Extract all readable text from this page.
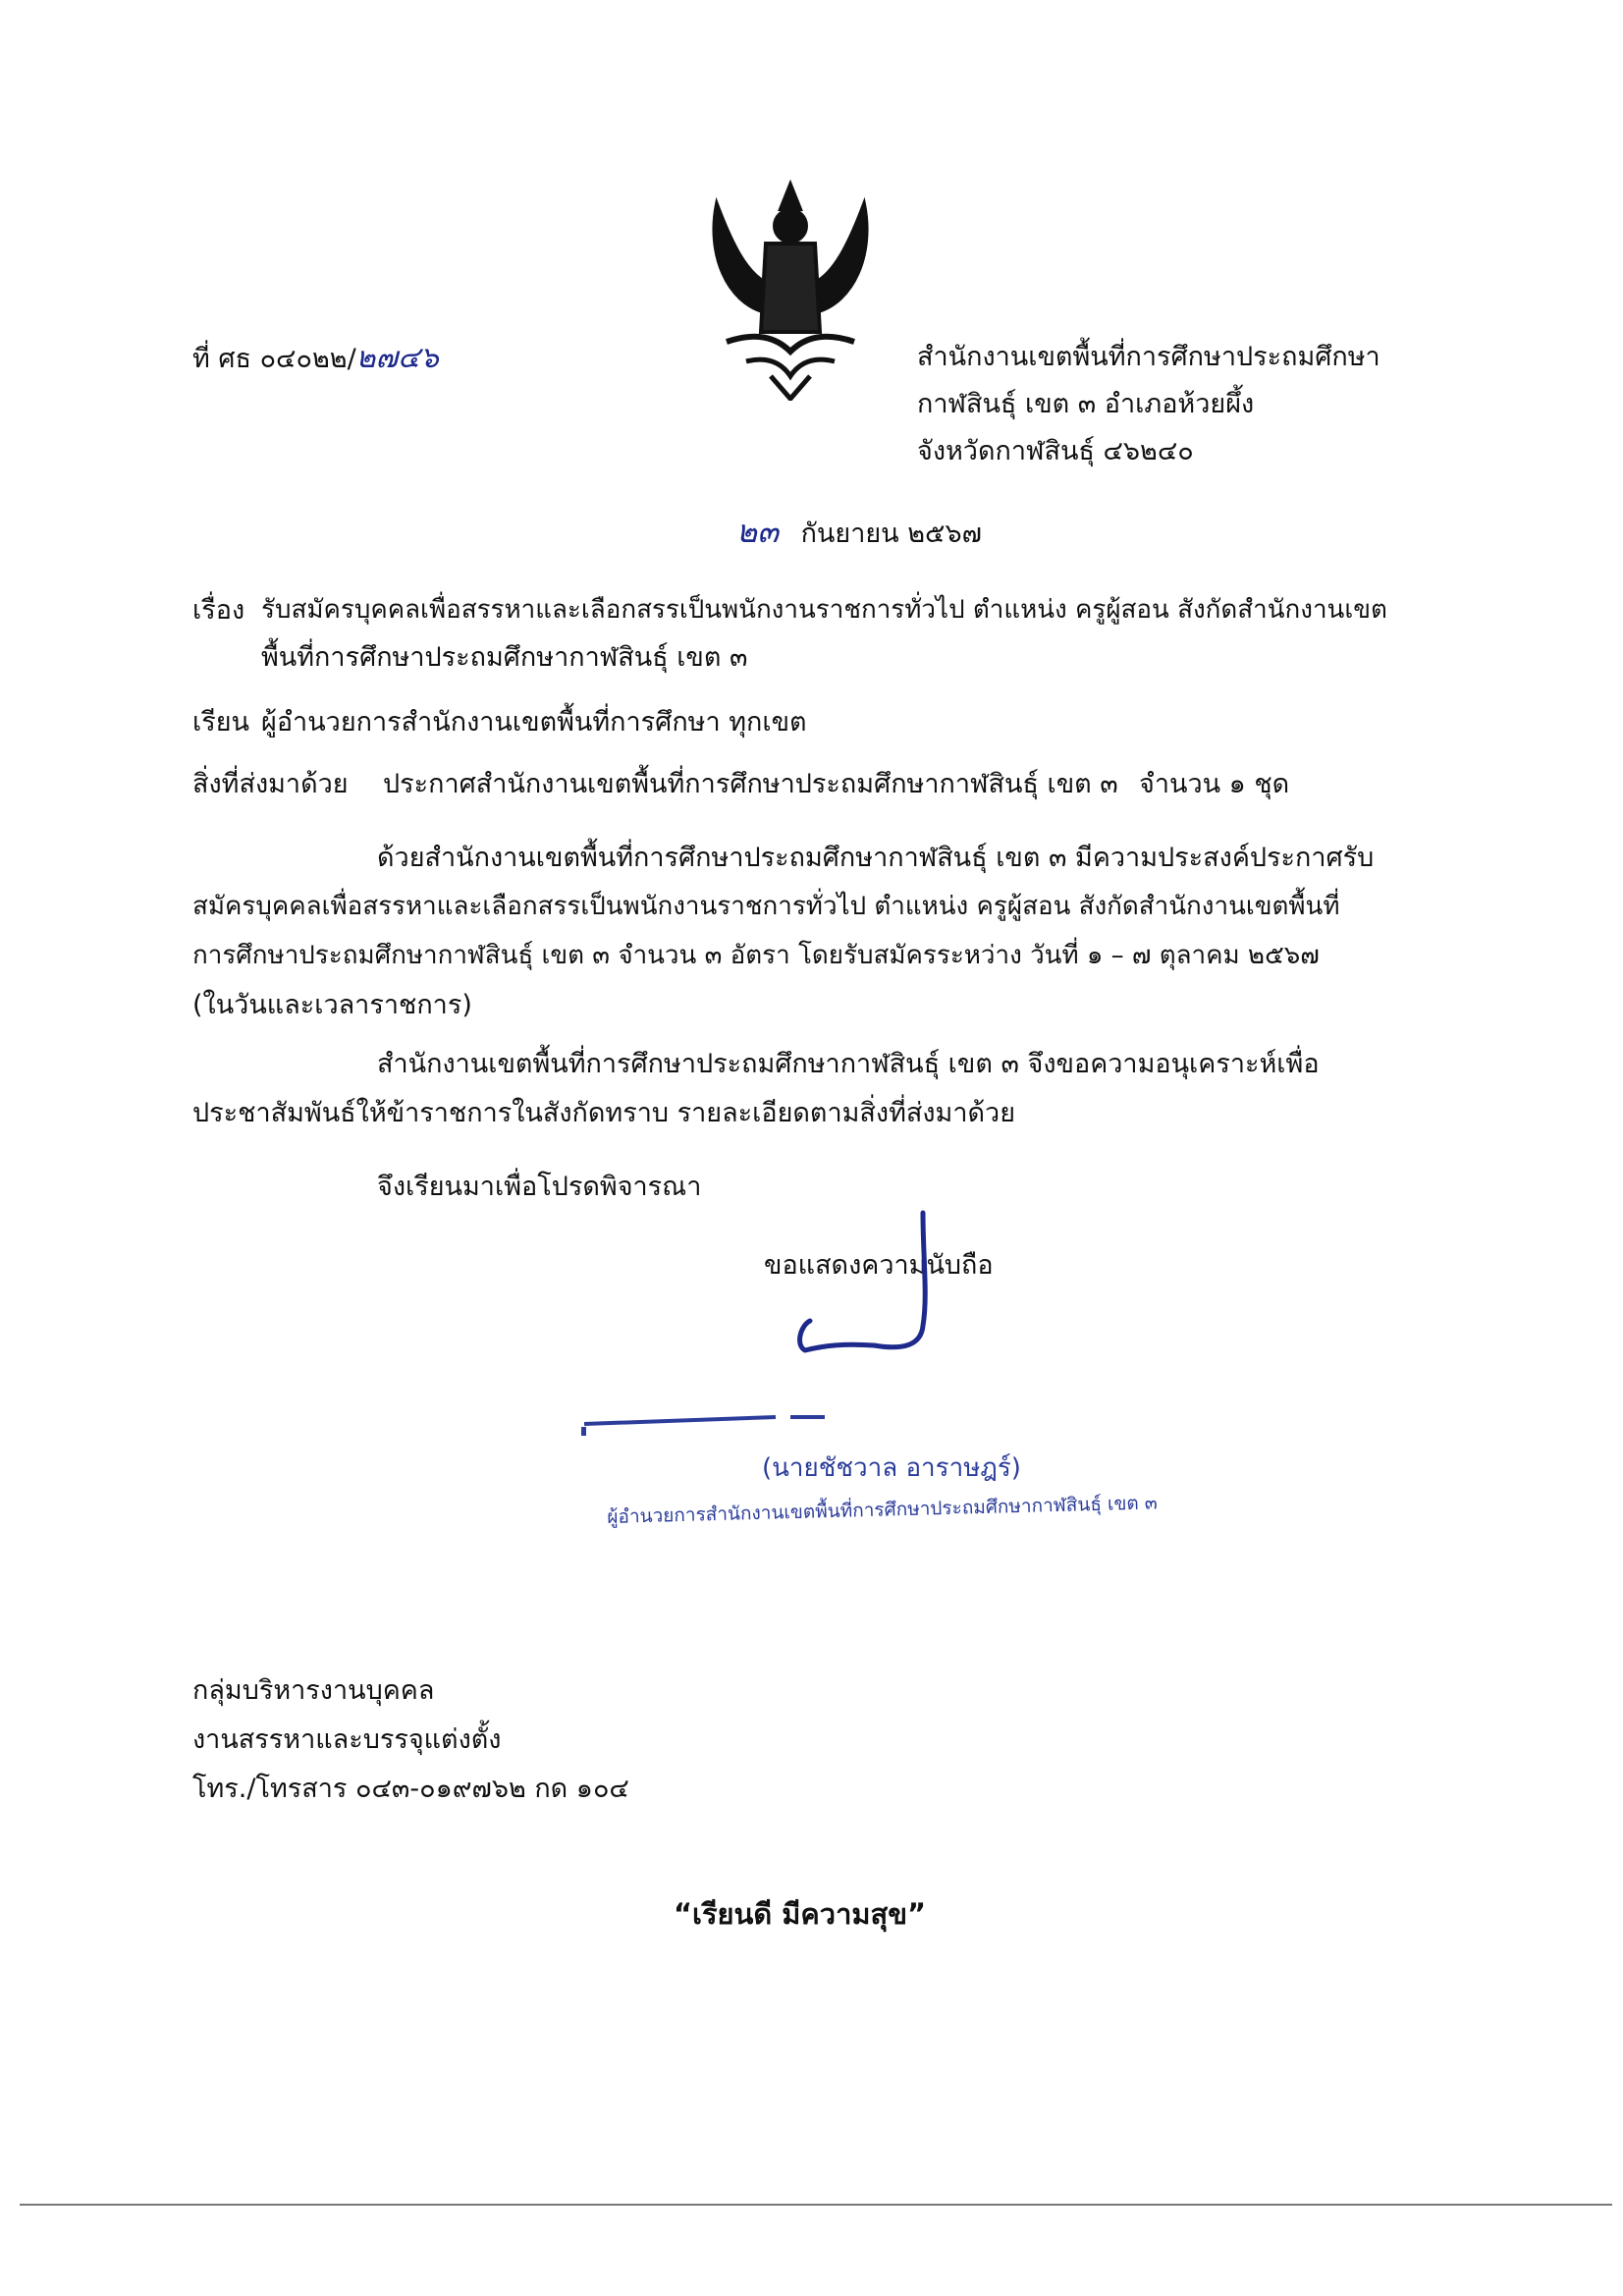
ที่ ศธ ๐๔๐๒๒/๒๗๔๖	สำนักงานเขตพื้นที่การศึกษาประถมศึกษา
กาฬสินธุ์ เขต ๓ อำเภอห้วยผึ้ง
จังหวัดกาฬสินธุ์ ๔๖๒๔๐
๒๓ กันยายน ๒๕๖๗
เรื่อง รับสมัครบุคคลเพื่อสรรหาและเลือกสรรเป็นพนักงานราชการทั่วไป ตำแหน่ง ครูผู้สอน สังกัดสำนักงานเขต
พื้นที่การศึกษาประถมศึกษากาฬสินธุ์ เขต ๓
เรียน ผู้อำนวยการสำนักงานเขตพื้นที่การศึกษา ทุกเขต
สิ่งที่ส่งมาด้วย ประกาศสำนักงานเขตพื้นที่การศึกษาประถมศึกษากาฬสินธุ์ เขต ๓ จำนวน ๑ ชุด
ด้วยสำนักงานเขตพื้นที่การศึกษาประถมศึกษากาฬสินธุ์ เขต ๓ มีความประสงค์ประกาศรับ
สมัครบุคคลเพื่อสรรหาและเลือกสรรเป็นพนักงานราชการทั่วไป ตำแหน่ง ครูผู้สอน สังกัดสำนักงานเขตพื้นที่
การศึกษาประถมศึกษากาฬสินธุ์ เขต ๓ จำนวน ๓ อัตรา โดยรับสมัครระหว่าง วันที่ ๑ – ๗ ตุลาคม ๒๕๖๗
(ในวันและเวลาราชการ)
สำนักงานเขตพื้นที่การศึกษาประถมศึกษากาฬสินธุ์ เขต ๓ จึงขอความอนุเคราะห์เพื่อ
ประชาสัมพันธ์ให้ข้าราชการในสังกัดทราบ รายละเอียดตามสิ่งที่ส่งมาด้วย
จึงเรียนมาเพื่อโปรดพิจารณา
ขอแสดงความนับถือ
(นายชัชวาล อาราษฎร์)
ผู้อำนวยการสำนักงานเขตพื้นที่การศึกษาประถมศึกษากาฬสินธุ์ เขต ๓
กลุ่มบริหารงานบุคคล
งานสรรหาและบรรจุแต่งตั้ง
โทร./โทรสาร ๐๔๓-๐๑๙๗๖๒ กด ๑๐๔
“เรียนดี มีความสุข”
